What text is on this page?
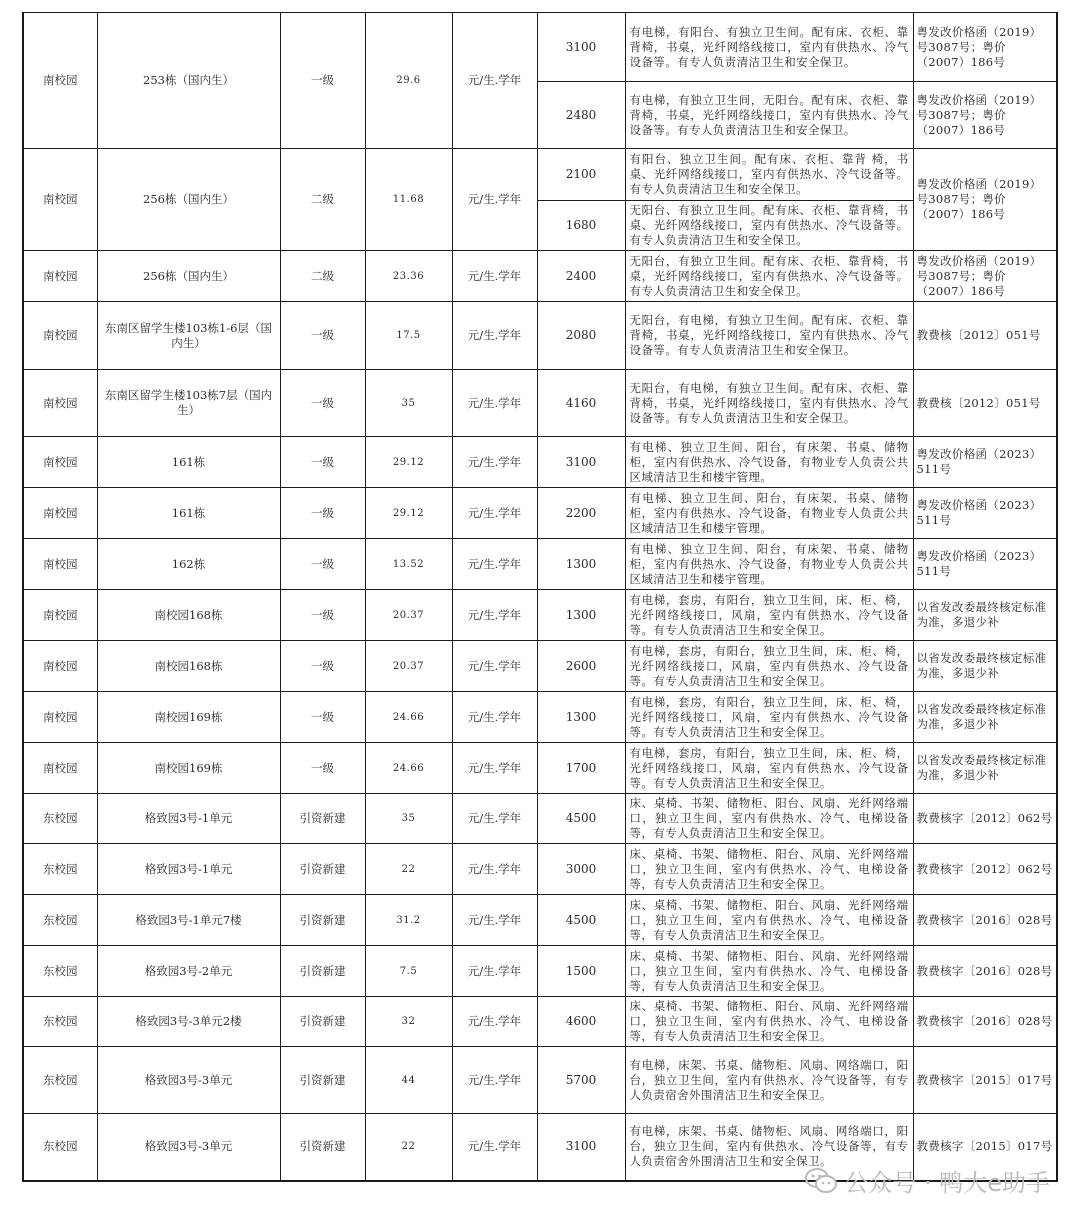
南校园	253栋（国内生）	一级	29.6	元/生.学年	3100	有电梯，有阳台、有独立卫生间。配有床、衣柜、靠背椅，书桌，光纤网络线接口，室内有供热水、冷气设备等。有专人负责清洁卫生和安全保卫。	粤发改价格函（2019）号3087号；粤价（2007）186号
					2480	有电梯，有独立卫生间，无阳台。配有床、衣柜、靠背椅，书桌，光纤网络线接口，室内有供热水、冷气设备等。有专人负责清洁卫生和安全保卫。	粤发改价格函（2019）号3087号；粤价（2007）186号
南校园	256栋（国内生）	二级	11.68	元/生.学年	2100	有阳台、独立卫生间。配有床、衣柜、靠背 椅，书桌、光纤网络线接口，室内有供热水、冷气设备等。有专人负责清洁卫生和安全保卫。	粤发改价格函（2019）号3087号；粤价（2007）186号
					1680	无阳台、有独立卫生间。配有床、衣柜、靠背椅，书桌、光纤网络线接口，室内有供热水、冷气设备等。有专人负责清洁卫生和安全保卫。	
南校园	256栋（国内生）	二级	23.36	元/生.学年	2400	无阳台，有独立卫生间。配有床、衣柜、靠背椅，书桌，光纤网络线接口，室内有供热水、冷气设备等。有专人负责清洁卫生和安全保卫。	粤发改价格函（2019）号3087号；粤价（2007）186号
南校园	东南区留学生楼103栋1-6层（国内生）	一级	17.5	元/生.学年	2080	无阳台，有电梯，有独立卫生间。配有床、衣柜、靠背椅，书桌，光纤网络线接口，室内有供热水、冷气设备等。有专人负责清洁卫生和安全保卫。	教费核〔2012〕051号
南校园	东南区留学生楼103栋7层（国内生）	一级	35	元/生.学年	4160	无阳台，有电梯，有独立卫生间。配有床、衣柜、靠背椅，书桌，光纤网络线接口，室内有供热水、冷气设备等。有专人负责清洁卫生和安全保卫。	教费核〔2012〕051号
南校园	161栋	一级	29.12	元/生.学年	3100	有电梯、独立卫生间、阳台，有床架、书桌、储物柜，室内有供热水、冷气设备，有物业专人负责公共区域清洁卫生和楼宇管理。	粤发改价格函（2023）511号
南校园	161栋	一级	29.12	元/生.学年	2200	有电梯、独立卫生间、阳台，有床架、书桌、储物柜，室内有供热水、冷气设备，有物业专人负责公共区域清洁卫生和楼宇管理。	粤发改价格函（2023）511号
南校园	162栋	一级	13.52	元/生.学年	1300	有电梯、独立卫生间、阳台，有床架、书桌、储物柜，室内有供热水、冷气设备，有物业专人负责公共区域清洁卫生和楼宇管理。	粤发改价格函（2023）511号
南校园	南校园168栋	一级	20.37	元/生.学年	1300	有电梯，套房，有阳台，独立卫生间，床、柜、椅，光纤网络线接口，风扇，室内有供热水、冷气设备等。有专人负责清洁卫生和安全保卫。	以省发改委最终核定标准为准，多退少补
南校园	南校园168栋	一级	20.37	元/生.学年	2600	有电梯，套房，有阳台，独立卫生间，床、柜、椅，光纤网络线接口，风扇，室内有供热水、冷气设备等。有专人负责清洁卫生和安全保卫。	以省发改委最终核定标准为准，多退少补
南校园	南校园169栋	一级	24.66	元/生.学年	1300	有电梯，套房，有阳台，独立卫生间，床、柜、椅，光纤网络线接口，风扇，室内有供热水、冷气设备等。有专人负责清洁卫生和安全保卫。	以省发改委最终核定标准为准，多退少补
南校园	南校园169栋	一级	24.66	元/生.学年	1700	有电梯，套房，有阳台，独立卫生间，床、柜、椅，光纤网络线接口，风扇，室内有供热水、冷气设备等。有专人负责清洁卫生和安全保卫。	以省发改委最终核定标准为准，多退少补
东校园	格致园3号-1单元	引资新建	35	元/生.学年	4500	床、桌椅、书架、储物柜、阳台、风扇、光纤网络端口，独立卫生间，室内有供热水、冷气、电梯设备等，有专人负责清洁卫生和安全保卫。	教费核字〔2012〕062号
东校园	格致园3号-1单元	引资新建	22	元/生.学年	3000	床、桌椅、书架、储物柜、阳台、风扇、光纤网络端口，独立卫生间，室内有供热水、冷气、电梯设备等，有专人负责清洁卫生和安全保卫。	教费核字〔2012〕062号
东校园	格致园3号-1单元7楼	引资新建	31.2	元/生.学年	4500	床、桌椅、书架、储物柜、阳台、风扇、光纤网络端口，独立卫生间，室内有供热水、冷气、电梯设备等，有专人负责清洁卫生和安全保卫。	教费核字〔2016〕028号
东校园	格致园3号-2单元	引资新建	7.5	元/生.学年	1500	床、桌椅、书架、储物柜、阳台、风扇、光纤网络端口，独立卫生间，室内有供热水、冷气、电梯设备等，有专人负责清洁卫生和安全保卫。	教费核字〔2016〕028号
东校园	格致园3号-3单元2楼	引资新建	32	元/生.学年	4600	床、桌椅、书架、储物柜、阳台、风扇、光纤网络端口，独立卫生间，室内有供热水、冷气、电梯设备等，有专人负责清洁卫生和安全保卫。	教费核字〔2016〕028号
东校园	格致园3号-3单元	引资新建	44	元/生.学年	5700	有电梯，床架、书桌、储物柜、风扇、网络端口，阳台，独立卫生间，室内有供热水、冷气设备等，有专人负责宿舍外围清洁卫生和安全保卫。	教费核字〔2015〕017号
东校园	格致园3号-3单元	引资新建	22	元/生.学年	3100	有电梯，床架、书桌、储物柜、风扇、网络端口，阳台，独立卫生间，室内有供热水、冷气设备等，有专人负责宿舍外围清洁卫生和安全保卫。	教费核字〔2015〕017号
公众号 · 鸭大e助手
